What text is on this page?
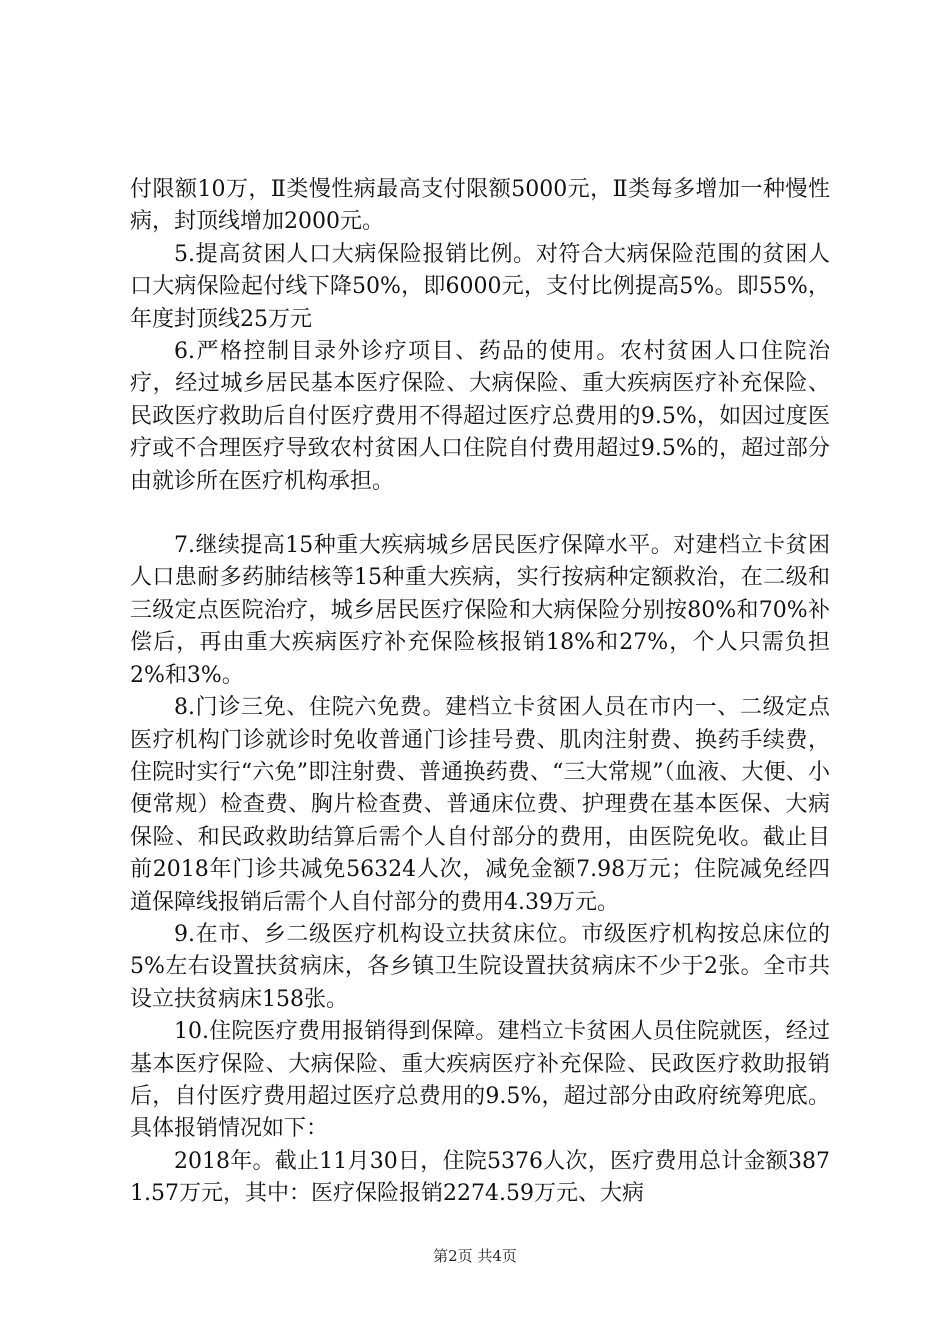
付限额10万，Ⅱ类慢性病最高支付限额5000元，Ⅱ类每多增加一种慢性病，封顶线增加2000元。

5.提高贫困人口大病保险报销比例。对符合大病保险范围的贫困人口大病保险起付线下降50%，即6000元，支付比例提高5%。即55%，年度封顶线25万元

6.严格控制目录外诊疗项目、药品的使用。农村贫困人口住院治疗，经过城乡居民基本医疗保险、大病保险、重大疾病医疗补充保险、民政医疗救助后自付医疗费用不得超过医疗总费用的9.5%，如因过度医疗或不合理医疗导致农村贫困人口住院自付费用超过9.5%的，超过部分由就诊所在医疗机构承担。

7.继续提高15种重大疾病城乡居民医疗保障水平。对建档立卡贫困人口患耐多药肺结核等15种重大疾病，实行按病种定额救治，在二级和三级定点医院治疗，城乡居民医疗保险和大病保险分别按80%和70%补偿后，再由重大疾病医疗补充保险核报销18%和27%，个人只需负担2%和3%。

8.门诊三免、住院六免费。建档立卡贫困人员在市内一、二级定点医疗机构门诊就诊时免收普通门诊挂号费、肌肉注射费、换药手续费，住院时实行“六免”即注射费、普通换药费、“三大常规”（血液、大便、小便常规）检查费、胸片检查费、普通床位费、护理费在基本医保、大病保险、和民政救助结算后需个人自付部分的费用，由医院免收。截止目前2018年门诊共减免56324人次，减免金额7.98万元；住院减免经四道保障线报销后需个人自付部分的费用4.39万元。

9.在市、乡二级医疗机构设立扶贫床位。市级医疗机构按总床位的5%左右设置扶贫病床，各乡镇卫生院设置扶贫病床不少于2张。全市共设立扶贫病床158张。

10.住院医疗费用报销得到保障。建档立卡贫困人员住院就医，经过基本医疗保险、大病保险、重大疾病医疗补充保险、民政医疗救助报销后，自付医疗费用超过医疗总费用的9.5%，超过部分由政府统筹兜底。具体报销情况如下：

2018年。截止11月30日，住院5376人次，医疗费用总计金额3871.57万元，其中：医疗保险报销2274.59万元、大病

第2页 共4页
